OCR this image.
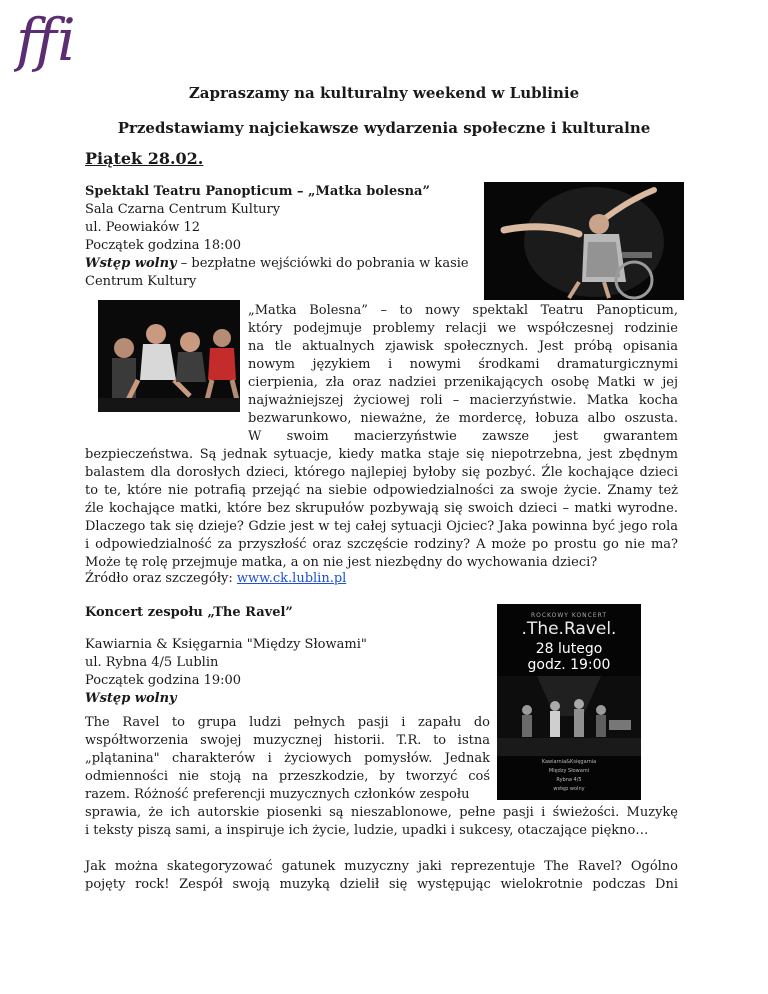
ffi
Zapraszamy na kulturalny weekend w Lublinie
Przedstawiamy najciekawsze wydarzenia społeczne i kulturalne
Piątek 28.02.
Spektakl Teatru Panopticum – „Matka bolesna”
Sala Czarna Centrum Kultury
ul. Peowiaków 12
Początek godzina 18:00
Wstęp wolny – bezpłatne wejściówki do pobrania w kasie
Centrum Kultury
„Matka Bolesna” – to nowy spektakl Teatru Panopticum,
który podejmuje problemy relacji we współczesnej rodzinie
na tle aktualnych zjawisk społecznych. Jest próbą opisania
nowym językiem i nowymi środkami dramaturgicznymi
cierpienia, zła oraz nadziei przenikających osobę Matki w jej
najważniejszej życiowej roli – macierzyństwie. Matka kocha
bezwarunkowo, nieważne, że mordercę, łobuza albo oszusta.
W swoim macierzyństwie zawsze jest gwarantem
bezpieczeństwa. Są jednak sytuacje, kiedy matka staje się niepotrzebna, jest zbędnym
balastem dla dorosłych dzieci, którego najlepiej byłoby się pozbyć. Źle kochające dzieci
to te, które nie potrafią przejąć na siebie odpowiedzialności za swoje życie. Znamy też
źle kochające matki, które bez skrupułów pozbywają się swoich dzieci – matki wyrodne.
Dlaczego tak się dzieje? Gdzie jest w tej całej sytuacji Ojciec? Jaka powinna być jego rola
i odpowiedzialność za przyszłość oraz szczęście rodziny? A może po prostu go nie ma?
Może tę rolę przejmuje matka, a on nie jest niezbędny do wychowania dzieci?
Źródło oraz szczegóły: www.ck.lublin.pl
Koncert zespołu „The Ravel”
Kawiarnia & Księgarnia "Między Słowami"
ul. Rybna 4/5 Lublin
Początek godzina 19:00
Wstęp wolny
ROCKOWY KONCERT
.The.Ravel.
28 lutego
godz. 19:00
Kawiarnia&Księgarnia
Między Słowami
Rybna 4/5
wstęp wolny
The Ravel to grupa ludzi pełnych pasji i zapału do
współtworzenia swojej muzycznej historii. T.R. to istna
„plątanina" charakterów i życiowych pomysłów. Jednak
odmienności nie stoją na przeszkodzie, by tworzyć coś
razem. Różność preferencji muzycznych członków zespołu
sprawia, że ich autorskie piosenki są nieszablonowe, pełne pasji i świeżości. Muzykę
i teksty piszą sami, a inspiruje ich życie, ludzie, upadki i sukcesy, otaczające piękno…
Jak można skategoryzować gatunek muzyczny jaki reprezentuje The Ravel? Ogólno
pojęty rock! Zespół swoją muzyką dzielił się występując wielokrotnie podczas Dni
